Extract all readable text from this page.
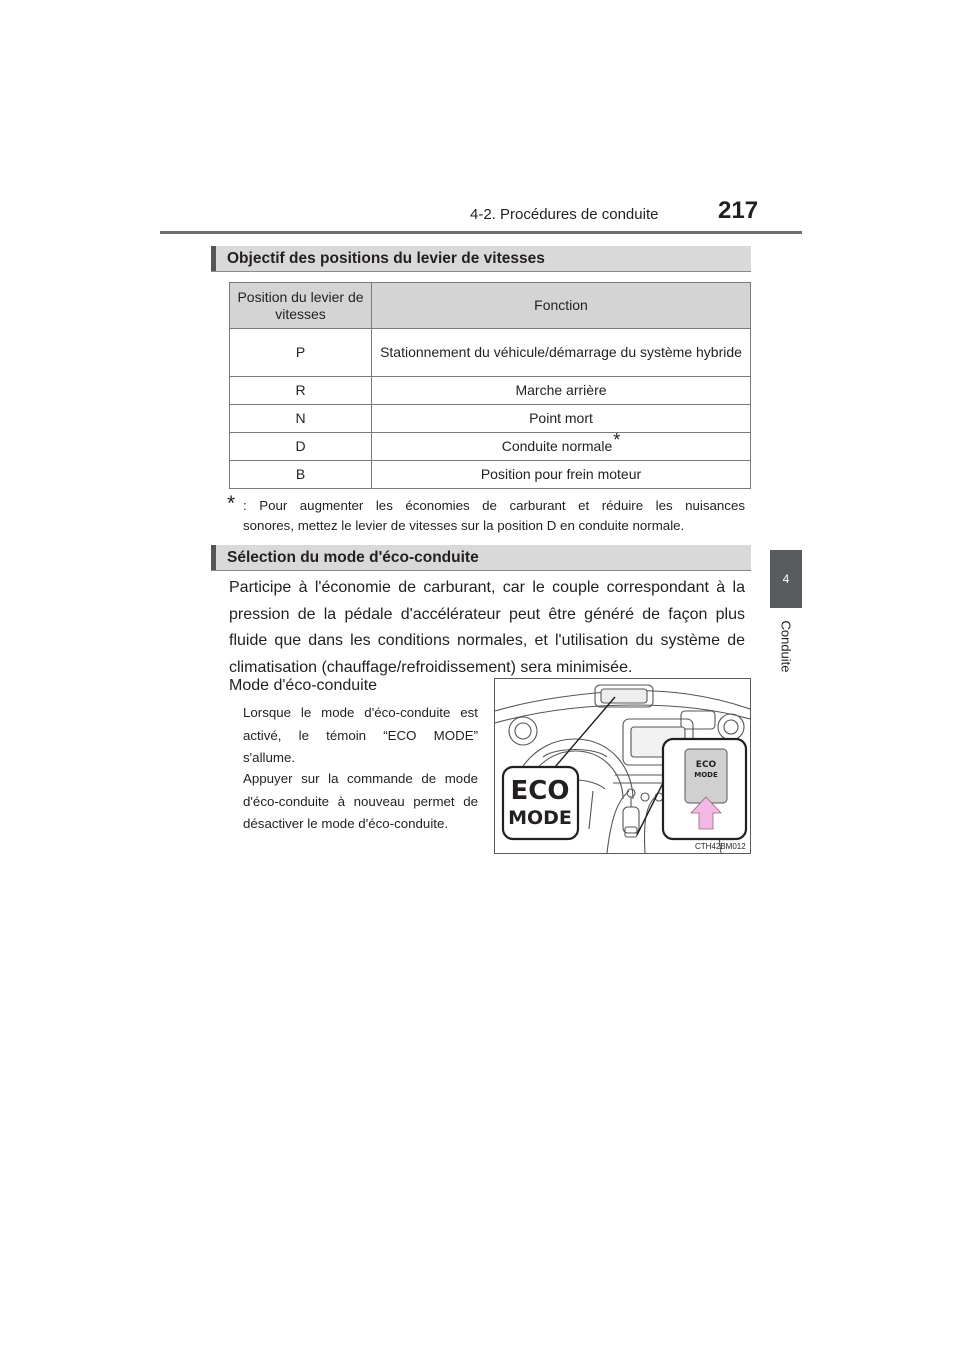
4-2. Procédures de conduite 217
4
Conduite
Objectif des positions du levier de vitesses
Position du levier de vitesses	Fonction
P	Stationnement du véhicule/démarrage du système hybride
R	Marche arrière
N	Point mort
D	Conduite normale*
B	Position pour frein moteur
* : Pour augmenter les économies de carburant et réduire les nuisances
sonores, mettez le levier de vitesses sur la position D en conduite normale.
Sélection du mode d'éco-conduite

Participe à l'économie de carburant, car le couple correspondant à la pression de la pédale d'accélérateur peut être généré de façon plus fluide que dans les conditions normales, et l'utilisation du système de climatisation (chauffage/refroidissement) sera minimisée.

Mode d'éco-conduite

Lorsque le mode d'éco-conduite est activé, le témoin “ECO MODE” s'allume.

Appuyer sur la commande de mode d'éco-conduite à nouveau permet de désactiver le mode d'éco-conduite.

ECO
MODE
ECO
MODE
CTH42BM012
